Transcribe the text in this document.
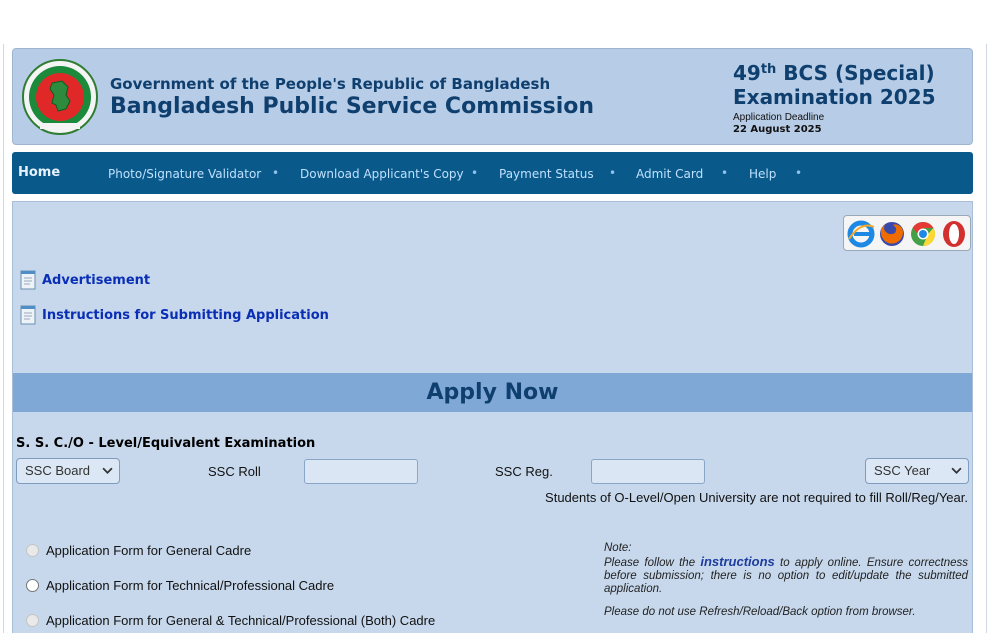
Government of the People's Republic of Bangladesh
Bangladesh Public Service Commission
49th BCS (Special)
Examination 2025
Application Deadline
22 August 2025
Home	Photo/Signature Validator • Download Applicant's Copy • Payment Status • Admit Card • Help •
Advertisement
Instructions for Submitting Application
Apply Now
S. S. C./O - Level/Equivalent Examination
SSC Board	SSC Roll	SSC Reg.	SSC Year
Students of O-Level/Open University are not required to fill Roll/Reg/Year.
Application Form for General Cadre
Application Form for Technical/Professional Cadre
Application Form for General & Technical/Professional (Both) Cadre
Note:
Please follow the instructions to apply online. Ensure correctness before submission; there is no option to edit/update the submitted application.
Please do not use Refresh/Reload/Back option from browser.
